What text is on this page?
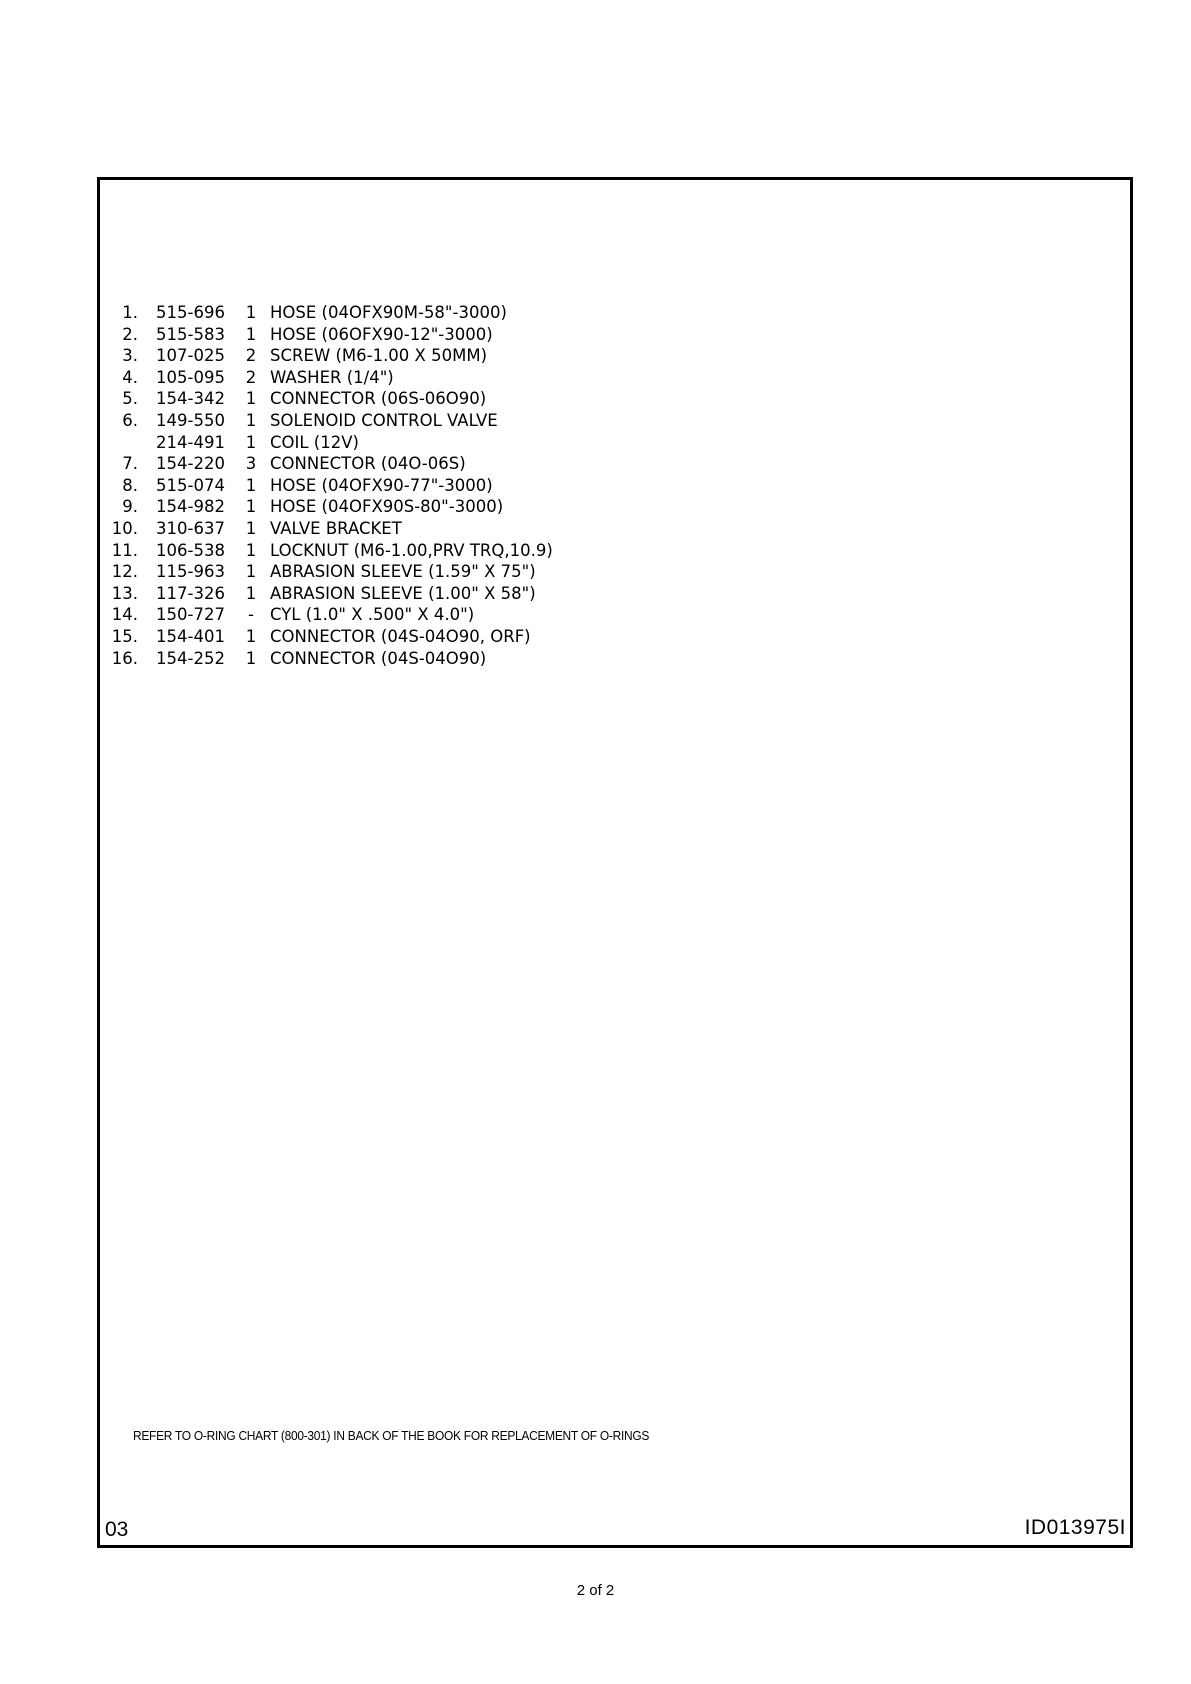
1. 515-696 1 HOSE (04OFX90M-58"-3000)
2. 515-583 1 HOSE (06OFX90-12"-3000)
3. 107-025 2 SCREW (M6-1.00 X 50MM)
4. 105-095 2 WASHER (1/4")
5. 154-342 1 CONNECTOR (06S-06O90)
6. 149-550 1 SOLENOID CONTROL VALVE
214-491 1 COIL (12V)
7. 154-220 3 CONNECTOR (04O-06S)
8. 515-074 1 HOSE (04OFX90-77"-3000)
9. 154-982 1 HOSE (04OFX90S-80"-3000)
10. 310-637 1 VALVE BRACKET
11. 106-538 1 LOCKNUT (M6-1.00,PRV TRQ,10.9)
12. 115-963 1 ABRASION SLEEVE (1.59" X 75")
13. 117-326 1 ABRASION SLEEVE (1.00" X 58")
14. 150-727	- CYL (1.0" X .500" X 4.0")
15. 154-401 1 CONNECTOR (04S-04O90, ORF)
16. 154-252 1 CONNECTOR (04S-04O90)
REFER TO O-RING CHART (800-301) IN BACK OF THE BOOK FOR REPLACEMENT OF O-RINGS
03	ID013975I
2 of 2
